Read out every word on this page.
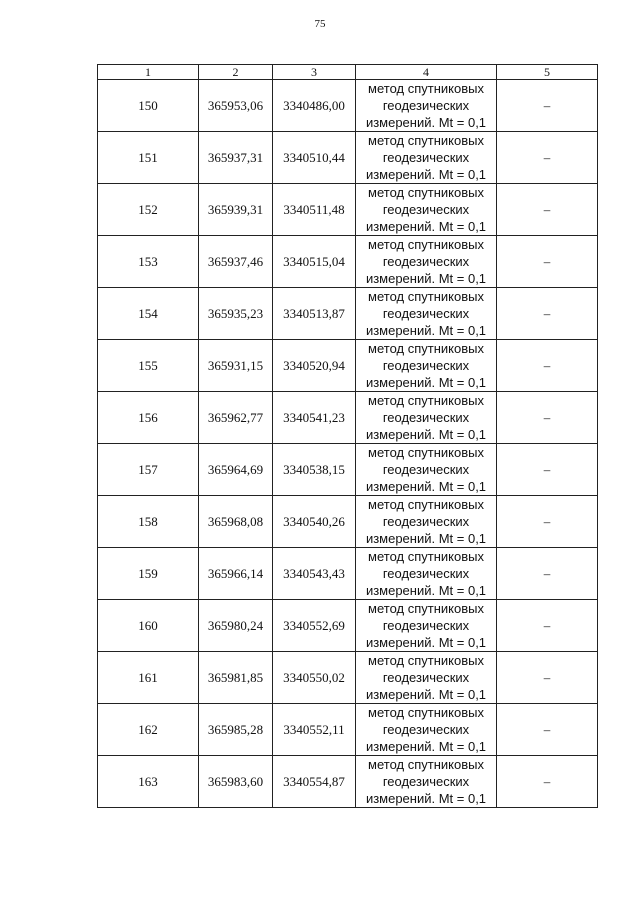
75
1	2	3	4	5
150	365953,06	3340486,00	метод спутниковых
геодезических
измерений. Mt = 0,1	–
151	365937,31	3340510,44	метод спутниковых
геодезических
измерений. Mt = 0,1	–
152	365939,31	3340511,48	метод спутниковых
геодезических
измерений. Mt = 0,1	–
153	365937,46	3340515,04	метод спутниковых
геодезических
измерений. Mt = 0,1	–
154	365935,23	3340513,87	метод спутниковых
геодезических
измерений. Mt = 0,1	–
155	365931,15	3340520,94	метод спутниковых
геодезических
измерений. Mt = 0,1	–
156	365962,77	3340541,23	метод спутниковых
геодезических
измерений. Mt = 0,1	–
157	365964,69	3340538,15	метод спутниковых
геодезических
измерений. Mt = 0,1	–
158	365968,08	3340540,26	метод спутниковых
геодезических
измерений. Mt = 0,1	–
159	365966,14	3340543,43	метод спутниковых
геодезических
измерений. Mt = 0,1	–
160	365980,24	3340552,69	метод спутниковых
геодезических
измерений. Mt = 0,1	–
161	365981,85	3340550,02	метод спутниковых
геодезических
измерений. Mt = 0,1	–
162	365985,28	3340552,11	метод спутниковых
геодезических
измерений. Mt = 0,1	–
163	365983,60	3340554,87	метод спутниковых
геодезических
измерений. Mt = 0,1	–
